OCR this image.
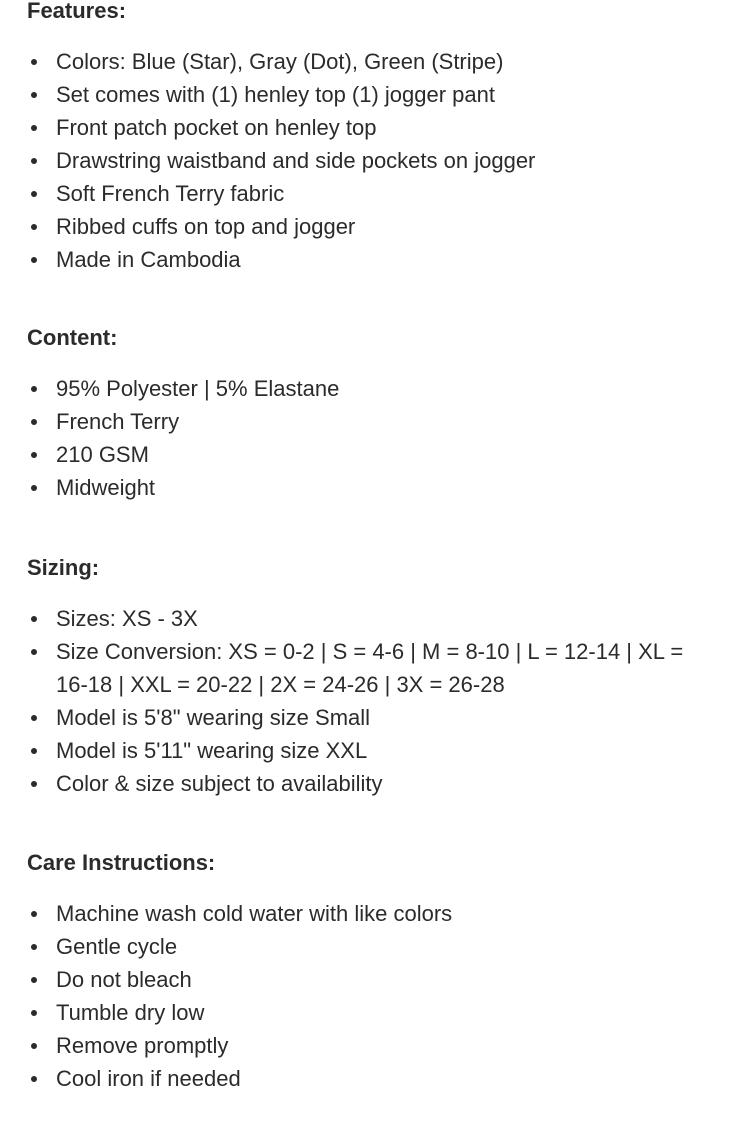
Features:
Colors: Blue (Star), Gray (Dot), Green (Stripe)
Set comes with (1) henley top (1) jogger pant
Front patch pocket on henley top
Drawstring waistband and side pockets on jogger
Soft French Terry fabric
Ribbed cuffs on top and jogger
Made in Cambodia
Content:
95% Polyester | 5% Elastane
French Terry
210 GSM
Midweight
Sizing:
Sizes: XS - 3X
Size Conversion: XS = 0-2 | S = 4-6 | M = 8-10 | L = 12-14 | XL = 16-18 | XXL = 20-22 | 2X = 24-26 | 3X = 26-28
Model is 5'8" wearing size Small
Model is 5'11" wearing size XXL
Color & size subject to availability
Care Instructions:
Machine wash cold water with like colors
Gentle cycle
Do not bleach
Tumble dry low
Remove promptly
Cool iron if needed
